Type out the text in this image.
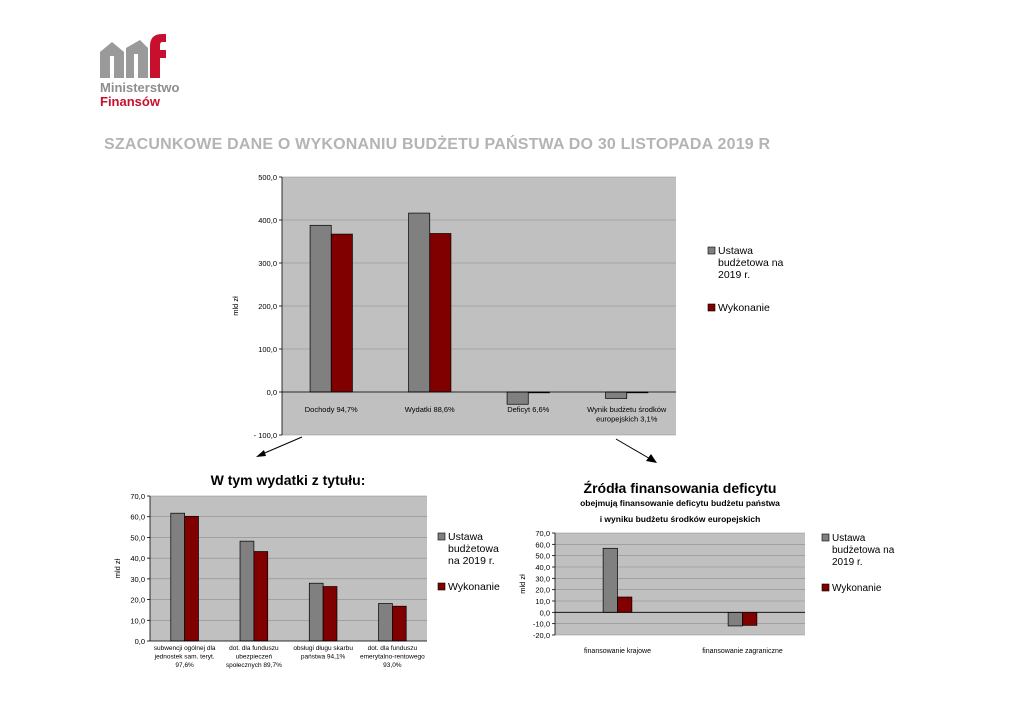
Ministerstwo
Finansów
SZACUNKOWE DANE O WYKONANIU BUDŻETU PAŃSTWA DO 30 LISTOPADA 2019 R
- 100,0
0,0
100,0
200,0
300,0
400,0
500,0
mld zł
Dochody 94,7%	Wydatki 88,6%	Deficyt 6,6%	Wynik budżetu środków
europejskich 3,1%
Ustawa
budżetowa na
2019 r.
Wykonanie
W tym wydatki z tytułu:
0,0
10,0
20,0
30,0
40,0
50,0
60,0
70,0
mld zł
subwencji ogólnej dla
jednostek sam. teryt.
97,6%
dot. dla funduszu
ubezpieczeń
społecznych 89,7%
obsługi długu skarbu
państwa 94,1%
dot. dla funduszu
emerytalno-rentowego
93,0%
Ustawa
budżetowa
na 2019 r.
Wykonanie
Źródła finansowania deficytu
obejmują finansowanie deficytu budżetu państwa
i wyniku budżetu środków europejskich
-20,0
-10,0
0,0
10,0
20,0
30,0
40,0
50,0
60,0
70,0
mld zł
finansowanie krajowe	finansowanie zagraniczne
Ustawa
budżetowa na
2019 r.
Wykonanie
